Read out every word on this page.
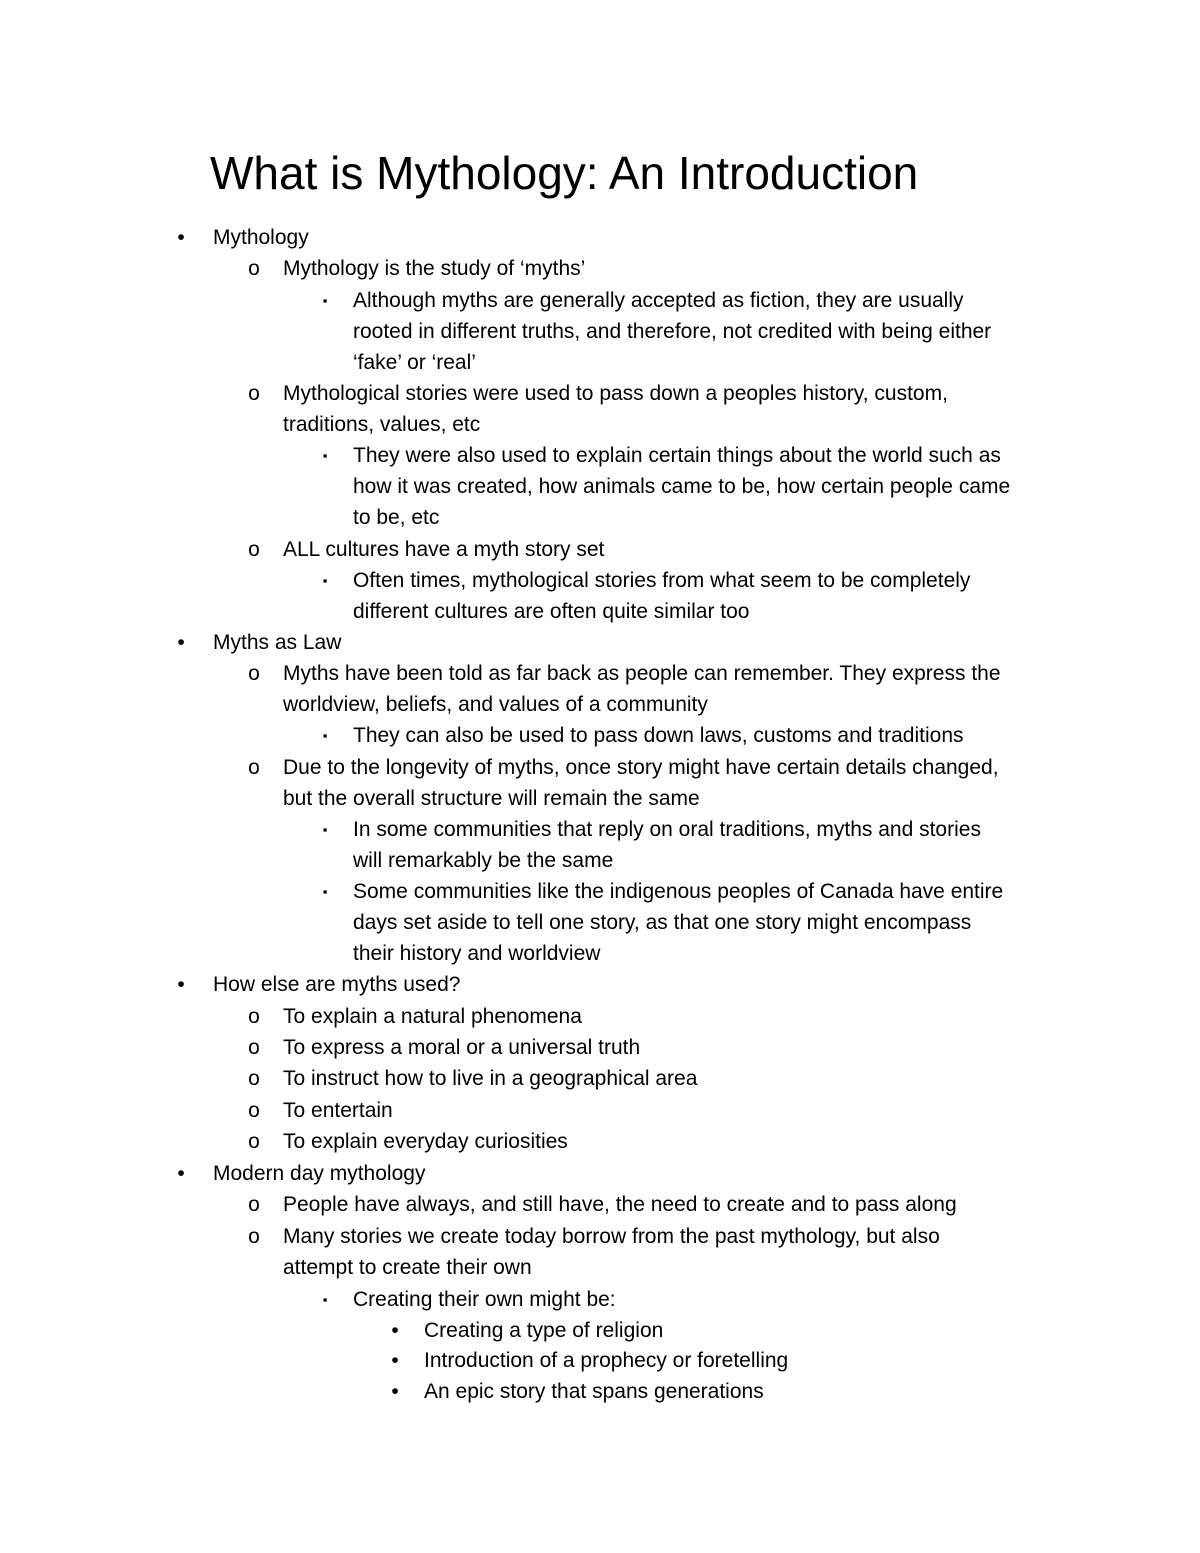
What is Mythology: An Introduction
•	Mythology
o	Mythology is the study of ‘myths’
▪	Although myths are generally accepted as fiction, they are usually
rooted in different truths, and therefore, not credited with being either
‘fake’ or ‘real’
o	Mythological stories were used to pass down a peoples history, custom,
traditions, values, etc
▪	They were also used to explain certain things about the world such as
how it was created, how animals came to be, how certain people came
to be, etc
o	ALL cultures have a myth story set
▪	Often times, mythological stories from what seem to be completely
different cultures are often quite similar too
•	Myths as Law
o	Myths have been told as far back as people can remember. They express the
worldview, beliefs, and values of a community
▪	They can also be used to pass down laws, customs and traditions
o	Due to the longevity of myths, once story might have certain details changed,
but the overall structure will remain the same
▪	In some communities that reply on oral traditions, myths and stories
will remarkably be the same
▪	Some communities like the indigenous peoples of Canada have entire
days set aside to tell one story, as that one story might encompass
their history and worldview
•	How else are myths used?
o	To explain a natural phenomena
o	To express a moral or a universal truth
o	To instruct how to live in a geographical area
o	To entertain
o	To explain everyday curiosities
•	Modern day mythology
o	People have always, and still have, the need to create and to pass along
o	Many stories we create today borrow from the past mythology, but also
attempt to create their own
▪	Creating their own might be:
•	Creating a type of religion
•	Introduction of a prophecy or foretelling
•	An epic story that spans generations
